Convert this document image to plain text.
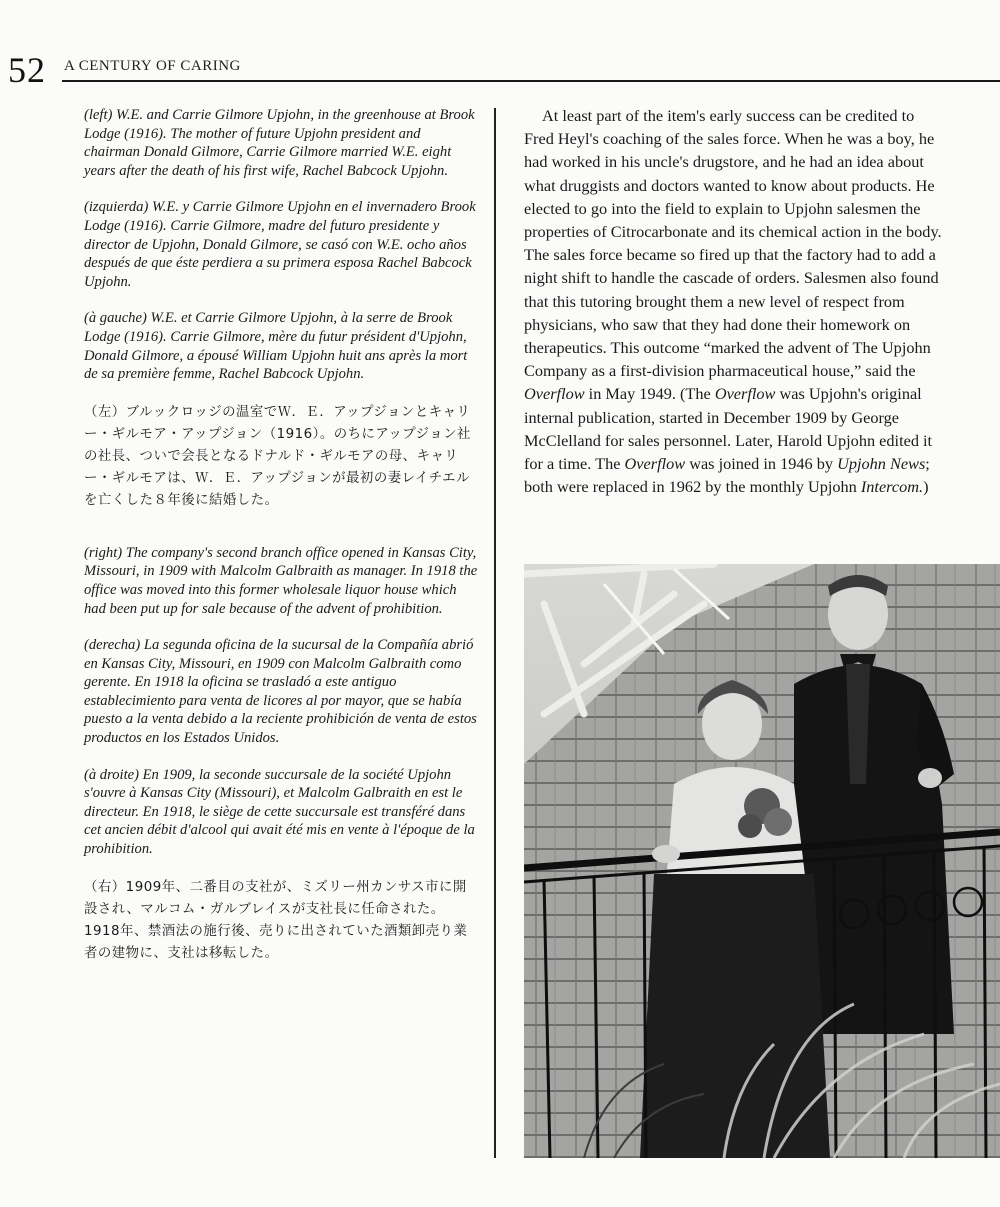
52 A CENTURY OF CARING

(left) W.E. and Carrie Gilmore Upjohn, in the greenhouse at Brook Lodge (1916). The mother of future Upjohn president and chairman Donald Gilmore, Carrie Gilmore married W.E. eight years after the death of his first wife, Rachel Babcock Upjohn.

(izquierda) W.E. y Carrie Gilmore Upjohn en el invernadero Brook Lodge (1916). Carrie Gilmore, madre del futuro presidente y director de Upjohn, Donald Gilmore, se casó con W.E. ocho años después de que éste perdiera a su primera esposa Rachel Babcock Upjohn.

(à gauche) W.E. et Carrie Gilmore Upjohn, à la serre de Brook Lodge (1916). Carrie Gilmore, mère du futur président d'Upjohn, Donald Gilmore, a épousé William Upjohn huit ans après la mort de sa première femme, Rachel Babcock Upjohn.

（左）ブルックロッジの温室でＷ．Ｅ．アップジョンとキャリー・ギルモア・アップジョン（1916）。のちにアップジョン社の社長、ついで会長となるドナルド・ギルモアの母、キャリー・ギルモアは、Ｗ．Ｅ．アップジョンが最初の妻レイチエルを亡くした８年後に結婚した。

(right) The company's second branch office opened in Kansas City, Missouri, in 1909 with Malcolm Galbraith as manager. In 1918 the office was moved into this former wholesale liquor house which had been put up for sale because of the advent of prohibition.

(derecha) La segunda oficina de la sucursal de la Compañía abrió en Kansas City, Missouri, en 1909 con Malcolm Galbraith como gerente. En 1918 la oficina se trasladó a este antiguo establecimiento para venta de licores al por mayor, que se había puesto a la venta debido a la reciente prohibición de venta de estos productos en los Estados Unidos.

(à droite) En 1909, la seconde succursale de la société Upjohn s'ouvre à Kansas City (Missouri), et Malcolm Galbraith en est le directeur. En 1918, le siège de cette succursale est transféré dans cet ancien débit d'alcool qui avait été mis en vente à l'époque de la prohibition.

（右）1909年、二番目の支社が、ミズリー州カンサス市に開設され、マルコム・ガルブレイスが支社長に任命された。1918年、禁酒法の施行後、売りに出されていた酒類卸売り業者の建物に、支社は移転した。

At least part of the item's early success can be credited to Fred Heyl's coaching of the sales force. When he was a boy, he had worked in his uncle's drugstore, and he had an idea about what druggists and doctors wanted to know about products. He elected to go into the field to explain to Upjohn salesmen the properties of Citrocarbonate and its chemical action in the body. The sales force became so fired up that the factory had to add a night shift to handle the cascade of orders. Salesmen also found that this tutoring brought them a new level of respect from physicians, who saw that they had done their homework on therapeutics. This outcome “marked the advent of The Upjohn Company as a first-division pharmaceutical house,” said the Overflow in May 1949. (The Overflow was Upjohn's original internal publication, started in December 1909 by George McClelland for sales personnel. Later, Harold Upjohn edited it for a time. The Overflow was joined in 1946 by Upjohn News; both were replaced in 1962 by the monthly Upjohn Intercom.)
